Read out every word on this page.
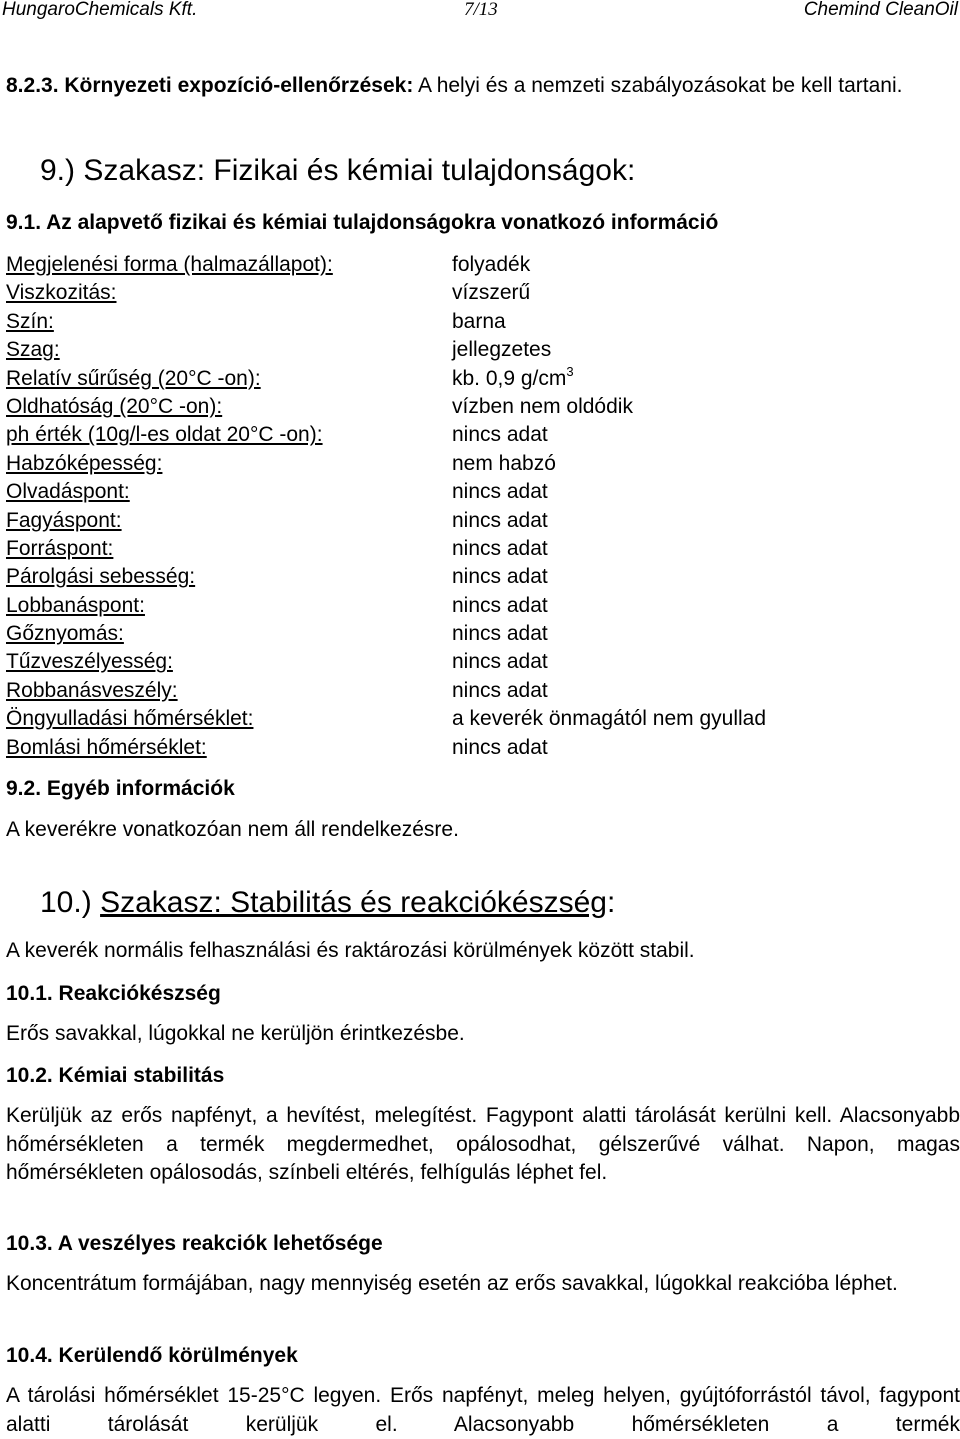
HungaroChemicals Kft.	7/13	Chemind CleanOil
8.2.3. Környezeti expozíció-ellenőrzések: A helyi és a nemzeti szabályozásokat be kell tartani.
9.) Szakasz: Fizikai és kémiai tulajdonságok:
9.1. Az alapvető fizikai és kémiai tulajdonságokra vonatkozó információ
Megjelenési forma (halmazállapot):	folyadék
Viszkozitás:	vízszerű
Szín:	barna
Szag:	jellegzetes
Relatív sűrűség (20°C -on):	kb. 0,9 $g/cm^3$
Oldhatóság (20°C -on):	vízben nem oldódik
ph érték (10g/l-es oldat 20°C -on):	nincs adat
Habzóképesség:	nem habzó
Olvadáspont:	nincs adat
Fagyáspont:	nincs adat
Forráspont:	nincs adat
Párolgási sebesség:	nincs adat
Lobbanáspont:	nincs adat
Gőznyomás:	nincs adat
Tűzveszélyesség:	nincs adat
Robbanásveszély:	nincs adat
Öngyulladási hőmérséklet:	a keverék önmagától nem gyullad
Bomlási hőmérséklet:	nincs adat
9.2. Egyéb információk
A keverékre vonatkozóan nem áll rendelkezésre.
10.) Szakasz: Stabilitás és reakciókészség:
A keverék normális felhasználási és raktározási körülmények között stabil.
10.1. Reakciókészség
Erős savakkal, lúgokkal ne kerüljön érintkezésbe.
10.2. Kémiai stabilitás
Kerüljük az erős napfényt, a hevítést, melegítést. Fagypont alatti tárolását kerülni kell. Alacsonyabb hőmérsékleten a termék megdermedhet, opálosodhat, gélszerűvé válhat. Napon, magas hőmérsékleten opálosodás, színbeli eltérés, felhígulás léphet fel.
10.3. A veszélyes reakciók lehetősége
Koncentrátum formájában, nagy mennyiség esetén az erős savakkal, lúgokkal reakcióba léphet.
10.4. Kerülendő körülmények
A tárolási hőmérséklet 15-25°C legyen. Erős napfényt, meleg helyen, gyújtóforrástól távol, fagypont alatti tárolását kerüljük el. Alacsonyabb hőmérsékleten a termék
